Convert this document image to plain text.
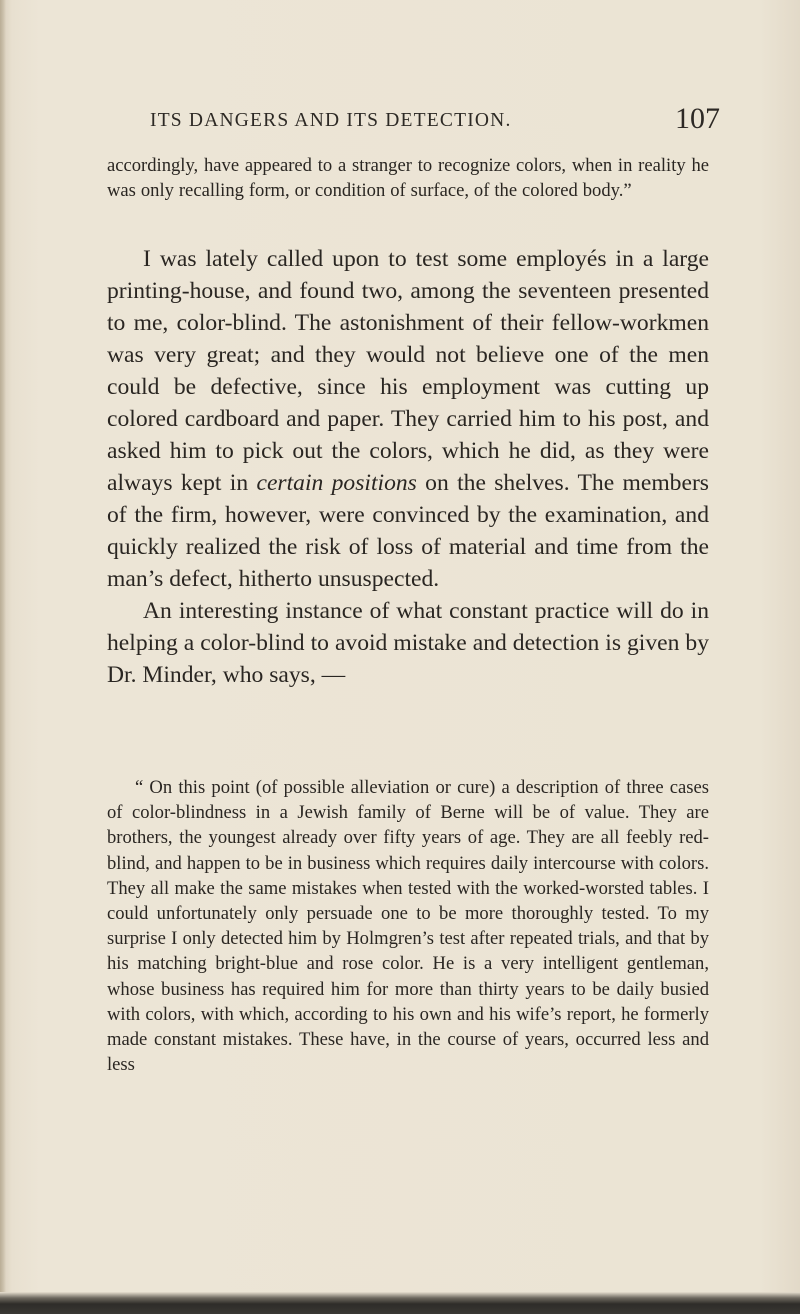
ITS DANGERS AND ITS DETECTION.	107

accordingly, have appeared to a stranger to recognize colors, when in reality he was only recalling form, or condition of surface, of the colored body.”

I was lately called upon to test some employés in a large printing-house, and found two, among the seventeen presented to me, color-blind. The astonishment of their fellow-workmen was very great; and they would not believe one of the men could be defective, since his employment was cutting up colored cardboard and paper. They carried him to his post, and asked him to pick out the colors, which he did, as they were always kept in certain positions on the shelves. The members of the firm, however, were convinced by the examination, and quickly realized the risk of loss of material and time from the man’s defect, hitherto unsuspected.

An interesting instance of what constant practice will do in helping a color-blind to avoid mistake and detection is given by Dr. Minder, who says, —

“ On this point (of possible alleviation or cure) a description of three cases of color-blindness in a Jewish family of Berne will be of value. They are brothers, the youngest already over fifty years of age. They are all feebly red-blind, and happen to be in business which requires daily intercourse with colors. They all make the same mistakes when tested with the worked-worsted tables. I could unfortunately only persuade one to be more thoroughly tested. To my surprise I only detected him by Holmgren’s test after repeated trials, and that by his matching bright-blue and rose color. He is a very intelligent gentleman, whose business has required him for more than thirty years to be daily busied with colors, with which, according to his own and his wife’s report, he formerly made constant mistakes. These have, in the course of years, occurred less and less
